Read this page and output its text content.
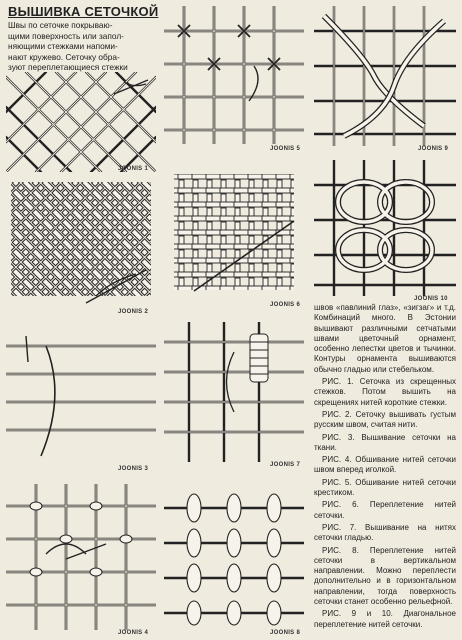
ВЫШИВКА СЕТОЧКОЙ
Швы по сеточке покрываю-
щими поверхность или запол-
няющими стежками напоми-
нают кружево. Сеточку обра-
зуют переплетающиеся стежки
JOONIS 1
JOONIS 2
JOONIS 3
JOONIS 4
JOONIS 5
JOONIS 6
JOONIS 7
JOONIS 8
JOONIS 9
JOONIS 10

швов «павлиний глаз», «зигзаг» и т.д. Комбинаций много. В Эстонии вышивают различными сетчатыми швами цветочный орнамент, особенно лепестки цветов и тычинки. Контуры орнамента вышиваются обычно гладью или стебельком.

РИС. 1. Сеточка из скрещенных стежков. Потом вышить на скрещениях нитей короткие стежки.

РИС. 2. Сеточку вышивать густым русским швом, считая нити.

РИС. 3. Вышивание сеточки на ткани.

РИС. 4. Обшивание нитей сеточки швом вперед иголкой.

РИС. 5. Обшивание нитей сеточки крестиком.

РИС. 6. Переплетение нитей сеточки.

РИС. 7. Вышивание на нитях сеточки гладью.

РИС. 8. Переплетение нитей сеточки в вертикальном направлении. Можно переплести дополнительно и в горизонтальном направлении, тогда поверхность сеточки станет особенно рельефной.

РИС. 9 и 10. Диагональное переплетение нитей сеточки.
